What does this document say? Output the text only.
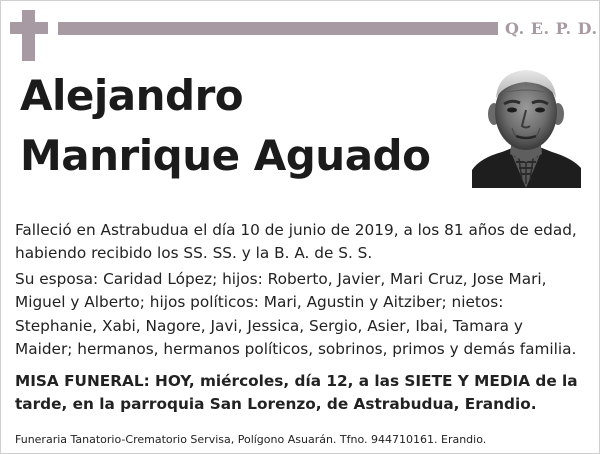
Q. E. P. D.
Alejandro
Manrique Aguado
Falleció en Astrabudua el día 10 de junio de 2019, a los 81 años de edad, habiendo recibido los SS. SS. y la B. A. de S. S.
Su esposa: Caridad López; hijos: Roberto, Javier, Mari Cruz, Jose Mari, Miguel y Alberto; hijos políticos: Mari, Agustin y Aitziber; nietos: Stephanie, Xabi, Nagore, Javi, Jessica, Sergio, Asier, Ibai, Tamara y Maider; hermanos, hermanos políticos, sobrinos, primos y demás familia.
MISA FUNERAL: HOY, miércoles, día 12, a las SIETE Y MEDIA de la tarde, en la parroquia San Lorenzo, de Astrabudua, Erandio.
Funeraria Tanatorio-Crematorio Servisa, Polígono Asuarán. Tfno. 944710161. Erandio.
